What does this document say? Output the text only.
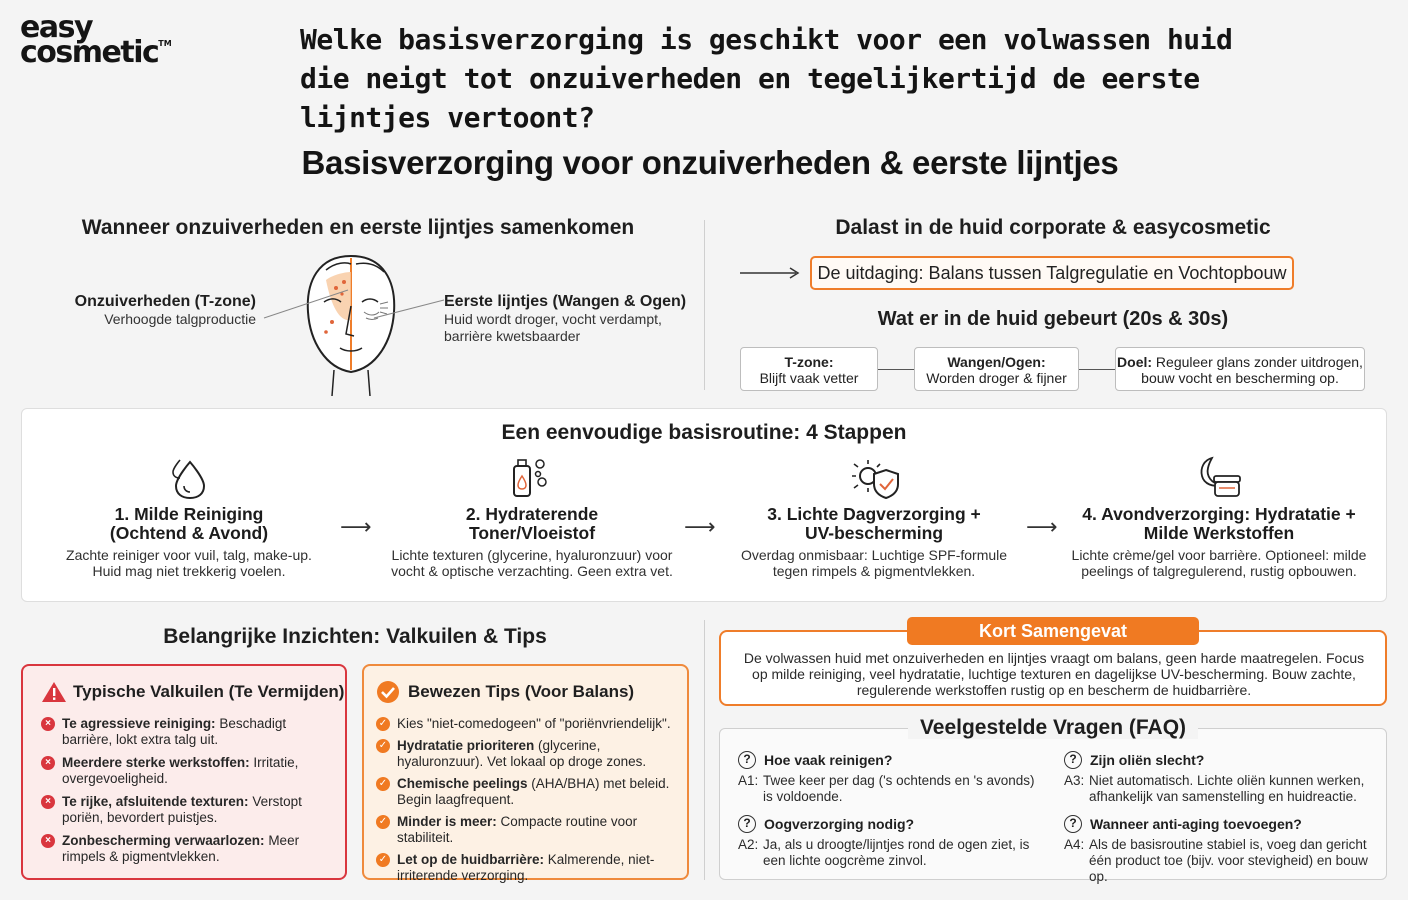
easy
cosmetic™	Welke basisverzorging is geschikt voor een volwassen huid die neigt tot onzuiverheden en tegelijkertijd de eerste lijntjes vertoont?
Basisverzorging voor onzuiverheden & eerste lijntjes
Wanneer onzuiverheden en eerste lijntjes samenkomen
Onzuiverheden (T-zone)
Verhoogde talgproductie
Eerste lijntjes (Wangen & Ogen)
Huid wordt droger, vocht verdampt,
barrière kwetsbaarder
Dalast in de huid corporate & easycosmetic
De uitdaging: Balans tussen Talgregulatie en Vochtopbouw
Wat er in de huid gebeurt (20s & 30s)
T-zone:
Blijft vaak vetter
Wangen/Ogen:
Worden droger & fijner
Doel: Reguleer glans zonder uitdrogen,
bouw vocht en bescherming op.
Een eenvoudige basisroutine: 4 Stappen
1. Milde Reiniging
(Ochtend & Avond)
Zachte reiniger voor vuil, talg, make-up.
Huid mag niet trekkerig voelen.
⟶	2. Hydraterende
Toner/Vloeistof
Lichte texturen (glycerine, hyaluronzuur) voor
vocht & optische verzachting. Geen extra vet.
⟶	3. Lichte Dagverzorging +
UV-bescherming
Overdag onmisbaar: Luchtige SPF-formule
tegen rimpels & pigmentvlekken.
⟶	4. Avondverzorging: Hydratatie +
Milde Werkstoffen
Lichte crème/gel voor barrière. Optioneel: milde
peelings of talgregulerend, rustig opbouwen.
Belangrijke Inzichten: Valkuilen & Tips
Typische Valkuilen (Te Vermijden)
× Te agressieve reiniging: Beschadigt barrière, lokt extra talg uit.
× Meerdere sterke werkstoffen: Irritatie, overgevoeligheid.
× Te rijke, afsluitende texturen: Verstopt poriën, bevordert puistjes.
× Zonbescherming verwaarlozen: Meer rimpels & pigmentvlekken.
Bewezen Tips (Voor Balans)
✓ Kies "niet-comedogeen" of "poriënvriendelijk".
✓ Hydratatie prioriteren (glycerine, hyaluronzuur). Vet lokaal op droge zones.
✓ Chemische peelings (AHA/BHA) met beleid. Begin laagfrequent.
✓ Minder is meer: Compacte routine voor stabiliteit.
✓ Let op de huidbarrière: Kalmerende, niet-irriterende verzorging.
Kort Samengevat
De volwassen huid met onzuiverheden en lijntjes vraagt om balans, geen harde maatregelen. Focus op milde reiniging, veel hydratatie, luchtige texturen en dagelijkse UV-bescherming. Bouw zachte, regulerende werkstoffen rustig op en bescherm de huidbarrière.
Veelgestelde Vragen (FAQ)
? Hoe vaak reinigen?
A1: Twee keer per dag ('s ochtends en 's avonds) is voldoende.
? Zijn oliën slecht?
A3: Niet automatisch. Lichte oliën kunnen werken, afhankelijk van samenstelling en huidreactie.
? Oogverzorging nodig?
A2: Ja, als u droogte/lijntjes rond de ogen ziet, is een lichte oogcrème zinvol.
? Wanneer anti-aging toevoegen?
A4: Als de basisroutine stabiel is, voeg dan gericht één product toe (bijv. voor stevigheid) en bouw op.
